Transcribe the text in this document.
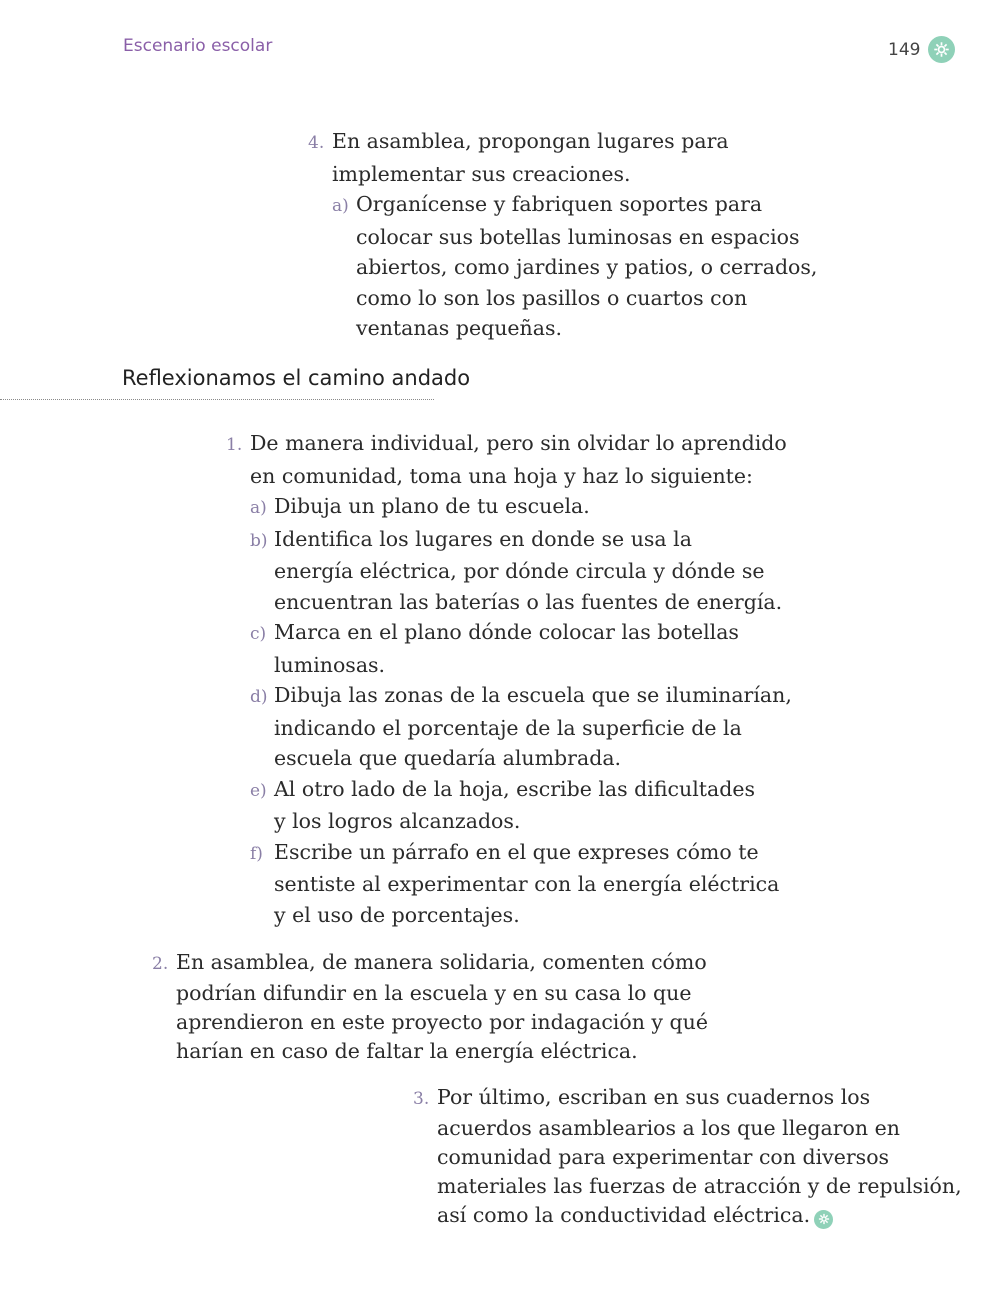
Escenario escolar	149
4. En asamblea, propongan lugares para
implementar sus creaciones.
a) Organícense y fabriquen soportes para
colocar sus botellas luminosas en espacios
abiertos, como jardines y patios, o cerrados,
como lo son los pasillos o cuartos con
ventanas pequeñas.
Reflexionamos el camino andado
1. De manera individual, pero sin olvidar lo aprendido
en comunidad, toma una hoja y haz lo siguiente:
a) Dibuja un plano de tu escuela.
b) Identifica los lugares en donde se usa la
energía eléctrica, por dónde circula y dónde se
encuentran las baterías o las fuentes de energía.
c) Marca en el plano dónde colocar las botellas
luminosas.
d) Dibuja las zonas de la escuela que se iluminarían,
indicando el porcentaje de la superficie de la
escuela que quedaría alumbrada.
e) Al otro lado de la hoja, escribe las dificultades
y los logros alcanzados.
f) Escribe un párrafo en el que expreses cómo te
sentiste al experimentar con la energía eléctrica
y el uso de porcentajes.
2. En asamblea, de manera solidaria, comenten cómo
podrían difundir en la escuela y en su casa lo que
aprendieron en este proyecto por indagación y qué
harían en caso de faltar la energía eléctrica.
3. Por último, escriban en sus cuadernos los
acuerdos asamblearios a los que llegaron en
comunidad para experimentar con diversos
materiales las fuerzas de atracción y de repulsión,
así como la conductividad eléctrica.
